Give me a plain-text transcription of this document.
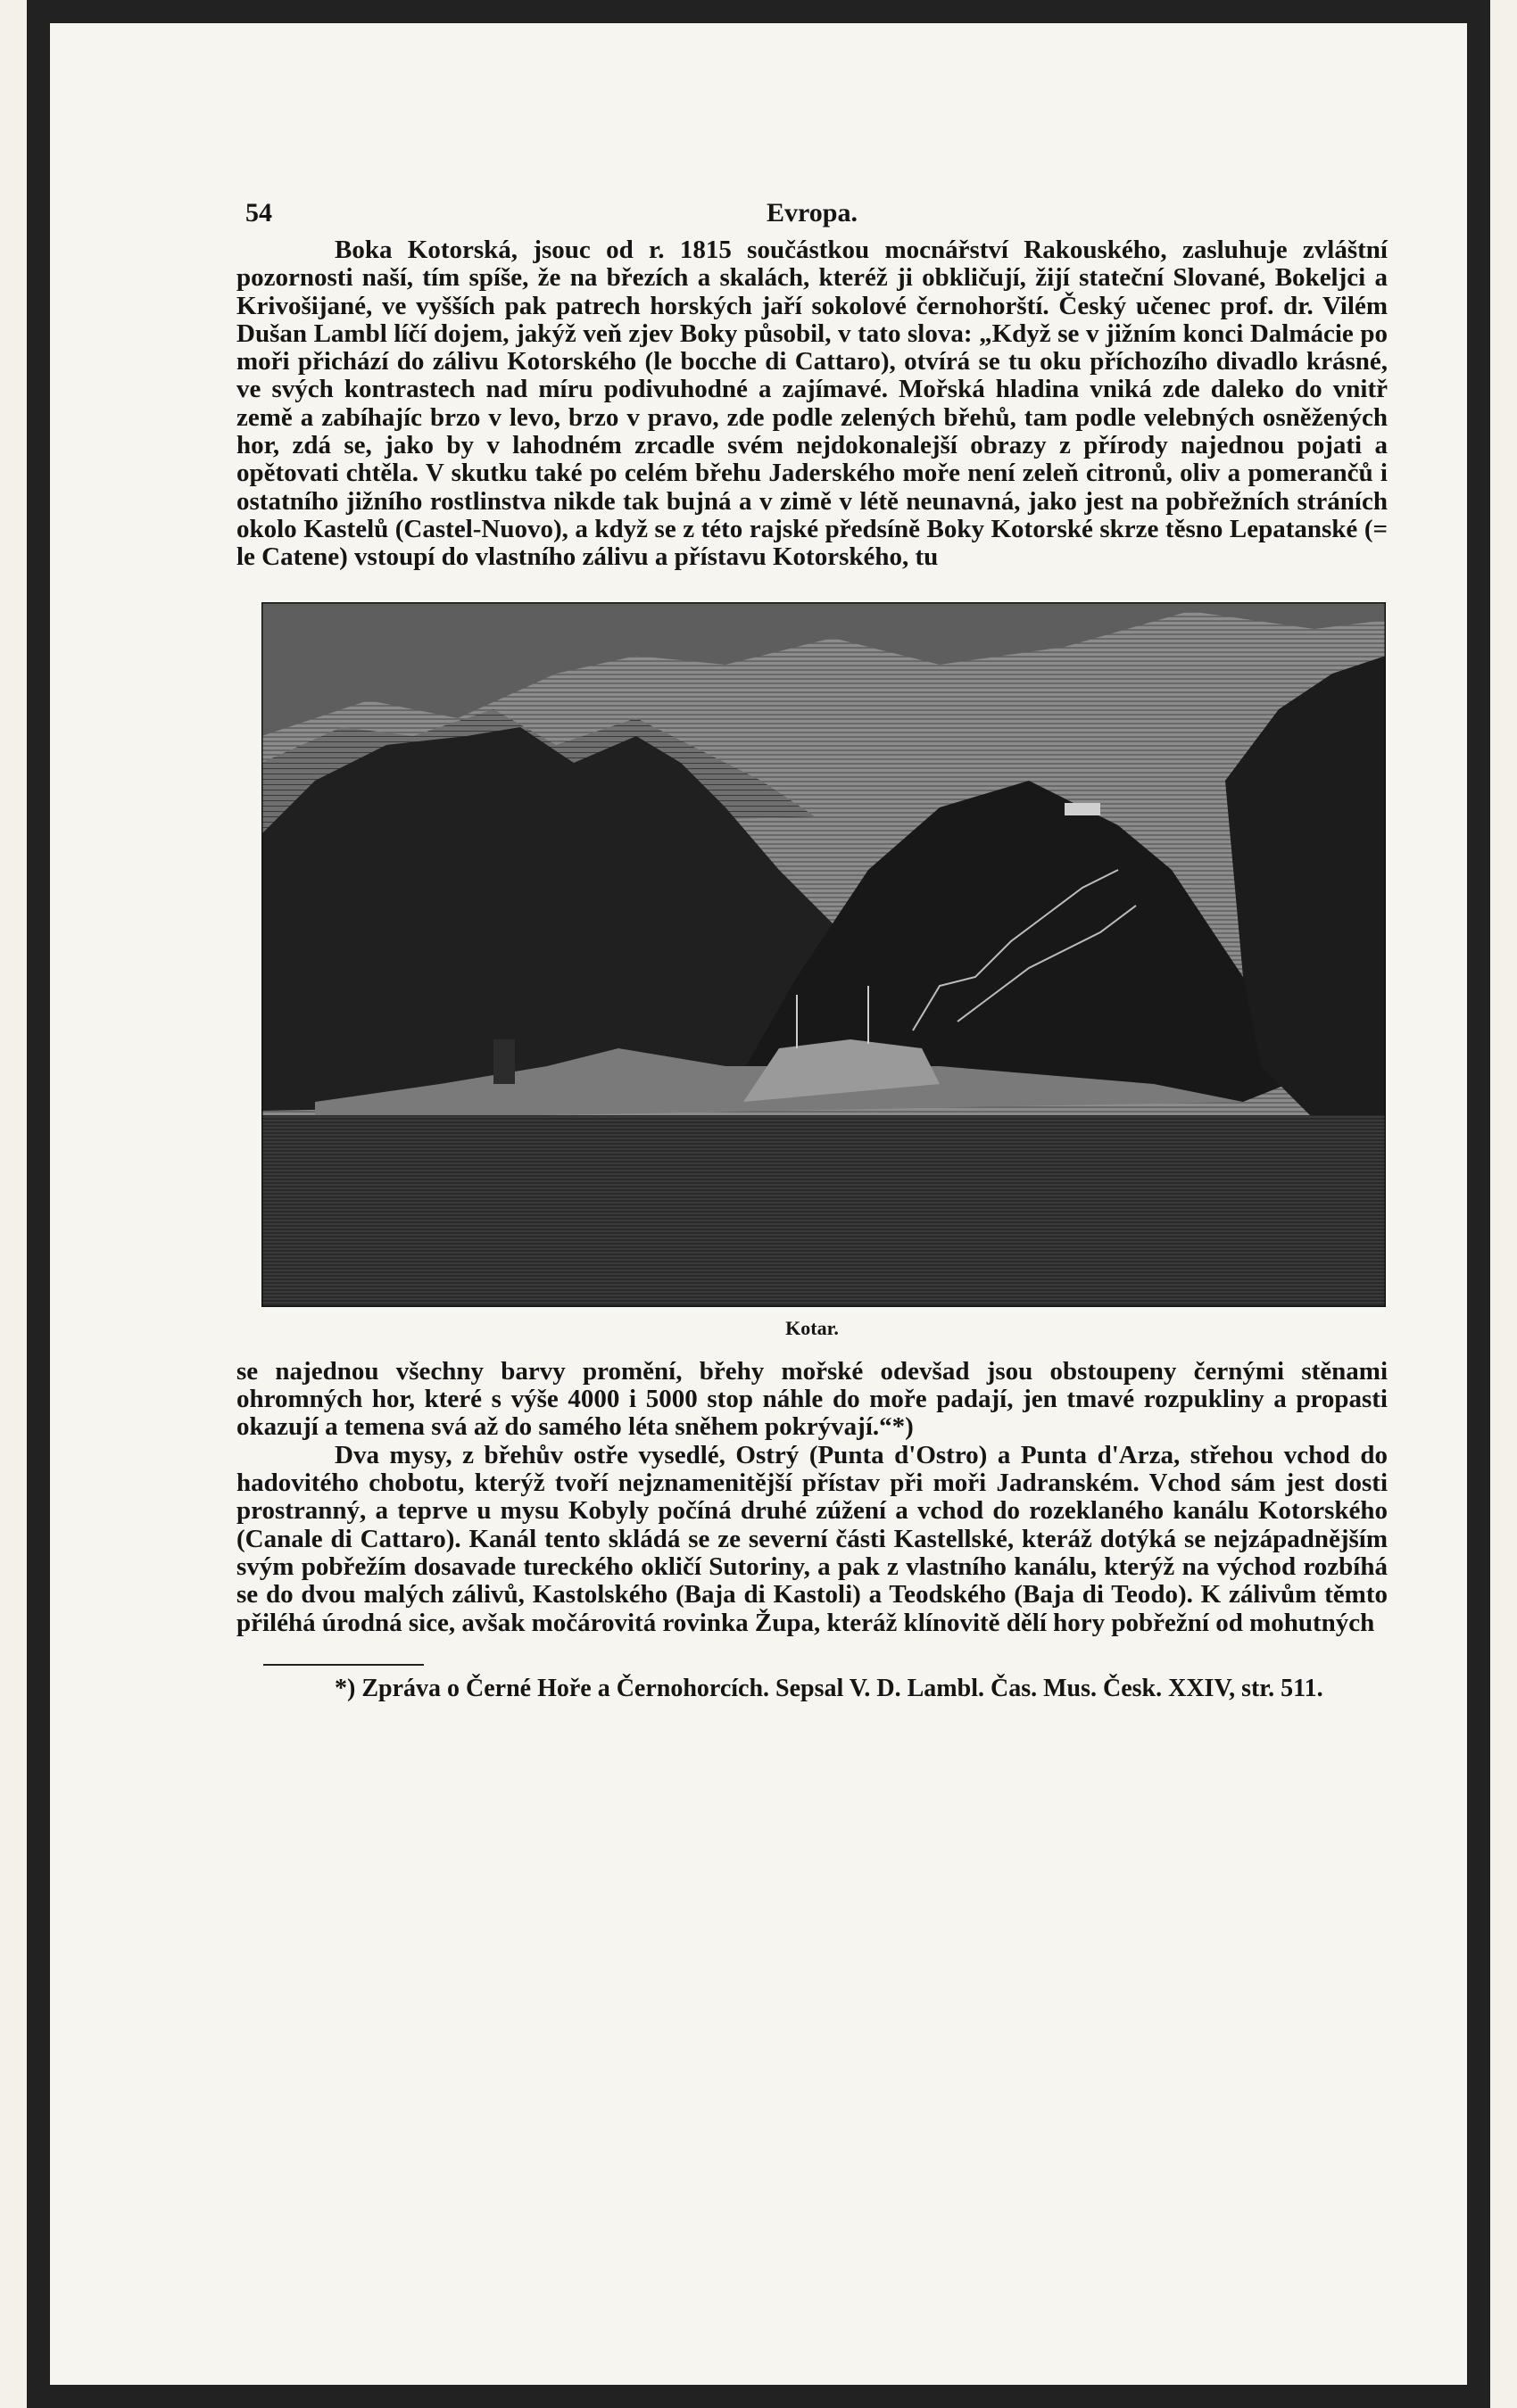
54	Evropa.

Boka Kotorská, jsouc od r. 1815 součástkou mocnářství Rakouského, zasluhuje zvláštní pozornosti naší, tím spíše, že na březích a skalách, kteréž ji obkličují, žijí stateční Slované, Bokeljci a Krivošijané, ve vyšších pak patrech horských jaří sokolové černohorští. Český učenec prof. dr. Vilém Dušan Lambl líčí dojem, jakýž veň zjev Boky působil, v tato slova: „Když se v jižním konci Dalmácie po moři přichází do zálivu Kotorského (le bocche di Cattaro), otvírá se tu oku příchozího divadlo krásné, ve svých kontrastech nad míru podivuhodné a zajímavé. Mořská hladina vniká zde daleko do vnitř země a zabíhajíc brzo v levo, brzo v pravo, zde podle zelených břehů, tam podle velebných osněžených hor, zdá se, jako by v lahodném zrcadle svém nejdokonalejší obrazy z přírody najednou pojati a opětovati chtěla. V skutku také po celém břehu Jaderského moře není zeleň citronů, oliv a pomerančů i ostatního jižního rostlinstva nikde tak bujná a v zimě v létě neunavná, jako jest na pobřežních stráních okolo Kastelů (Castel-Nuovo), a když se z této rajské předsíně Boky Kotorské skrze těsno Lepatanské (= le Catene) vstoupí do vlastního zálivu a přístavu Kotorského, tu

Kotar.

se najednou všechny barvy promění, břehy mořské odevšad jsou obstoupeny černými stěnami ohromných hor, které s výše 4000 i 5000 stop náhle do moře padají, jen tmavé rozpukliny a propasti okazují a temena svá až do samého léta sněhem pokrývají.“*)

Dva mysy, z břehův ostře vysedlé, Ostrý (Punta d'Ostro) a Punta d'Arza, střehou vchod do hadovitého chobotu, kterýž tvoří nejznamenitější přístav při moři Jadranském. Vchod sám jest dosti prostranný, a teprve u mysu Kobyly počíná druhé zúžení a vchod do rozeklaného kanálu Kotorského (Canale di Cattaro). Kanál tento skládá se ze severní části Kastellské, kteráž dotýká se nejzápadnějším svým pobřežím dosavade tureckého okličí Sutoriny, a pak z vlastního kanálu, kterýž na východ rozbíhá se do dvou malých zálivů, Kastolského (Baja di Kastoli) a Teodského (Baja di Teodo). K zálivům těmto přiléhá úrodná sice, avšak močárovitá rovinka Župa, kteráž klínovitě dělí hory pobřežní od mohutných

*) Zpráva o Černé Hoře a Černohorcích. Sepsal V. D. Lambl. Čas. Mus. Česk. XXIV, str. 511.
